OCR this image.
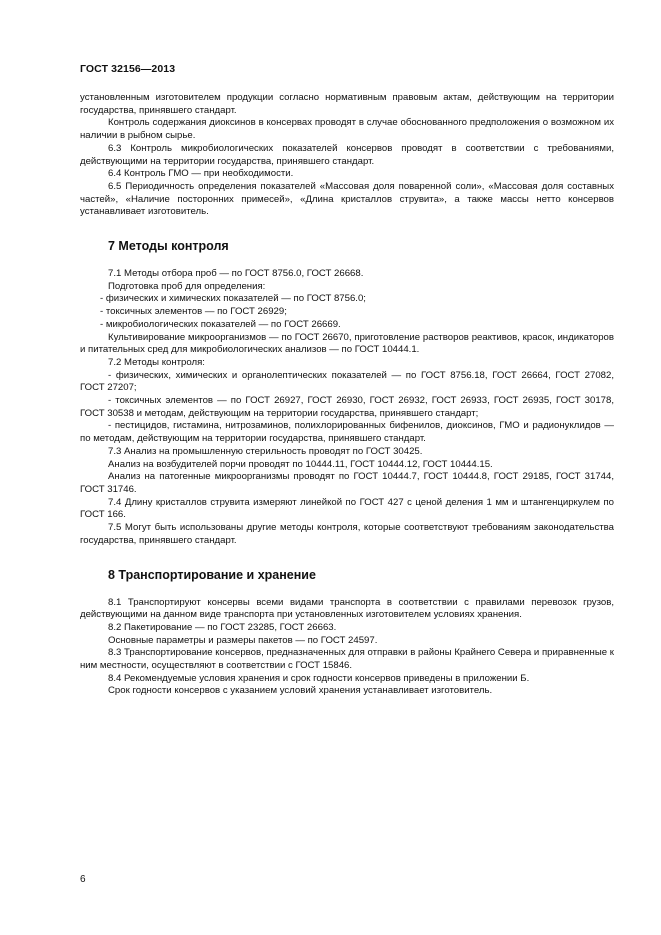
ГОСТ 32156—2013

установленным изготовителем продукции согласно нормативным правовым актам, действующим на территории государства, принявшего стандарт.

Контроль содержания диоксинов в консервах проводят в случае обоснованного предположения о возможном их наличии в рыбном сырье.

6.3 Контроль микробиологических показателей консервов проводят в соответствии с требованиями, действующими на территории государства, принявшего стандарт.

6.4 Контроль ГМО — при необходимости.

6.5 Периодичность определения показателей «Массовая доля поваренной соли», «Массовая доля составных частей», «Наличие посторонних примесей», «Длина кристаллов струвита», а также массы нетто консервов устанавливает изготовитель.

7 Методы контроля

7.1 Методы отбора проб — по ГОСТ 8756.0, ГОСТ 26668.

Подготовка проб для определения:

- физических и химических показателей — по ГОСТ 8756.0;

- токсичных элементов — по ГОСТ 26929;

- микробиологических показателей — по ГОСТ 26669.

Культивирование микроорганизмов — по ГОСТ 26670, приготовление растворов реактивов, красок, индикаторов и питательных сред для микробиологических анализов — по ГОСТ 10444.1.

7.2 Методы контроля:

- физических, химических и органолептических показателей — по ГОСТ 8756.18, ГОСТ 26664, ГОСТ 27082, ГОСТ 27207;

- токсичных элементов — по ГОСТ 26927, ГОСТ 26930, ГОСТ 26932, ГОСТ 26933, ГОСТ 26935, ГОСТ 30178, ГОСТ 30538 и методам, действующим на территории государства, принявшего стандарт;

- пестицидов, гистамина, нитрозаминов, полихлорированных бифенилов, диоксинов, ГМО и радионуклидов — по методам, действующим на территории государства, принявшего стандарт.

7.3 Анализ на промышленную стерильность проводят по ГОСТ 30425.

Анализ на возбудителей порчи проводят по 10444.11, ГОСТ 10444.12, ГОСТ 10444.15.

Анализ на патогенные микроорганизмы проводят по ГОСТ 10444.7, ГОСТ 10444.8, ГОСТ 29185, ГОСТ 31744, ГОСТ 31746.

7.4 Длину кристаллов струвита измеряют линейкой по ГОСТ 427 с ценой деления 1 мм и штангенциркулем по ГОСТ 166.

7.5 Могут быть использованы другие методы контроля, которые соответствуют требованиям законодательства государства, принявшего стандарт.

8 Транспортирование и хранение

8.1 Транспортируют консервы всеми видами транспорта в соответствии с правилами перевозок грузов, действующими на данном виде транспорта при установленных изготовителем условиях хранения.

8.2 Пакетирование — по ГОСТ 23285, ГОСТ 26663.

Основные параметры и размеры пакетов — по ГОСТ 24597.

8.3 Транспортирование консервов, предназначенных для отправки в районы Крайнего Севера и приравненные к ним местности, осуществляют в соответствии с ГОСТ 15846.

8.4 Рекомендуемые условия хранения и срок годности консервов приведены в приложении Б.

Срок годности консервов с указанием условий хранения устанавливает изготовитель.

6
